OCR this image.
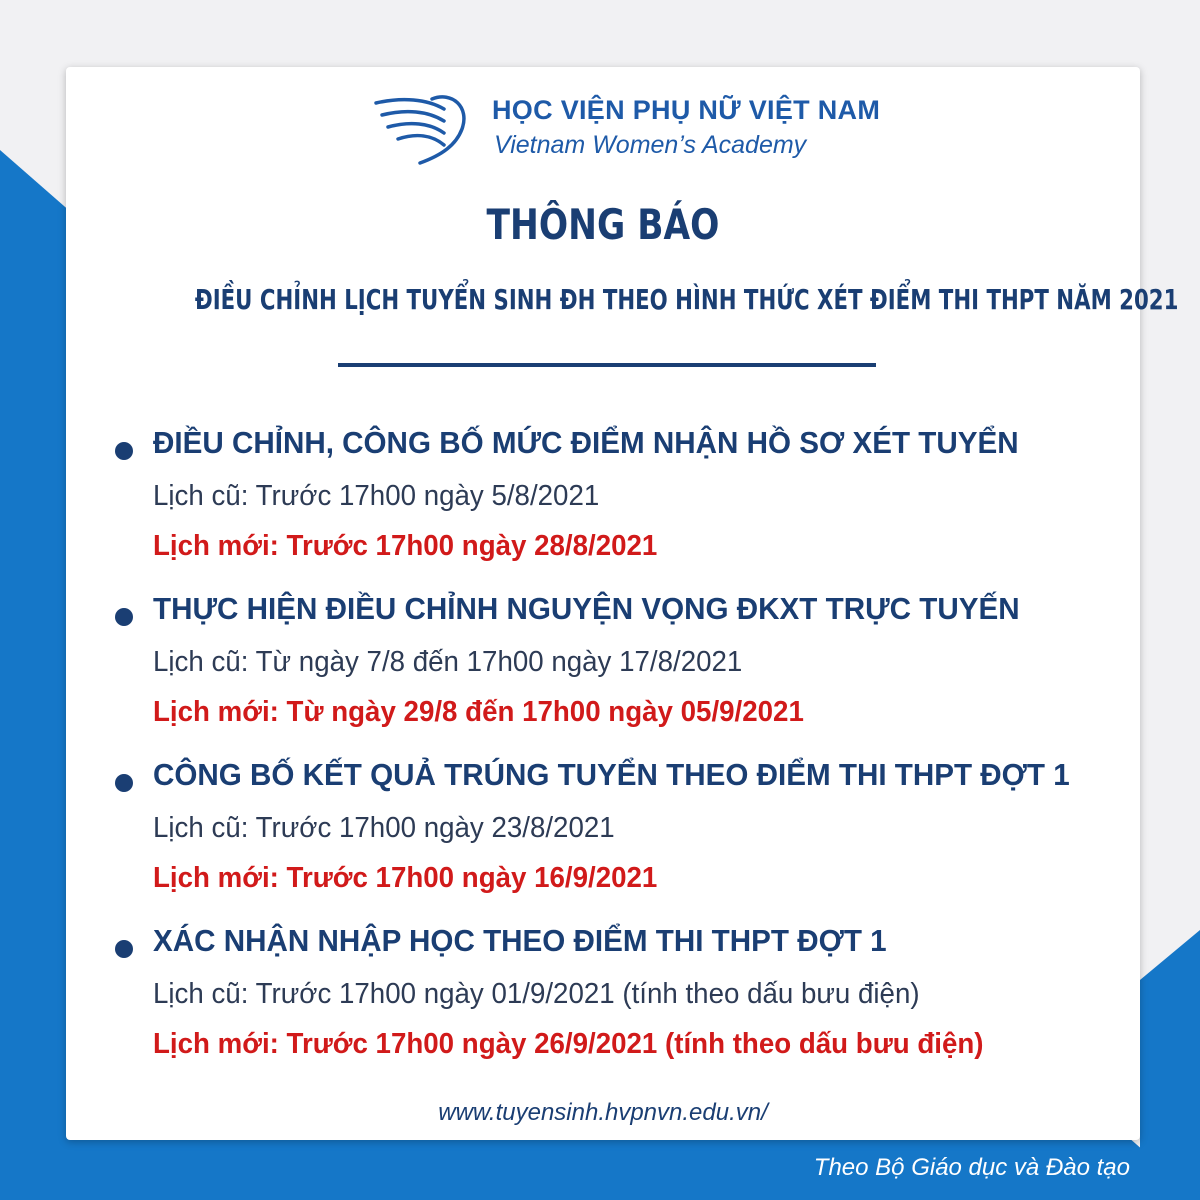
HỌC VIỆN PHỤ NỮ VIỆT NAM
Vietnam Women’s Academy
THÔNG BÁO
ĐIỀU CHỈNH LỊCH TUYỂN SINH ĐH THEO HÌNH THỨC XÉT ĐIỂM THI THPT NĂM 2021
ĐIỀU CHỈNH, CÔNG BỐ MỨC ĐIỂM NHẬN HỒ SƠ XÉT TUYỂN
Lịch cũ: Trước 17h00 ngày 5/8/2021
Lịch mới: Trước 17h00 ngày 28/8/2021
THỰC HIỆN ĐIỀU CHỈNH NGUYỆN VỌNG ĐKXT TRỰC TUYẾN
Lịch cũ: Từ ngày 7/8 đến 17h00 ngày 17/8/2021
Lịch mới: Từ ngày 29/8 đến 17h00 ngày 05/9/2021
CÔNG BỐ KẾT QUẢ TRÚNG TUYỂN THEO ĐIỂM THI THPT ĐỢT 1
Lịch cũ: Trước 17h00 ngày 23/8/2021
Lịch mới: Trước 17h00 ngày 16/9/2021
XÁC NHẬN NHẬP HỌC THEO ĐIỂM THI THPT ĐỢT 1
Lịch cũ: Trước 17h00 ngày 01/9/2021 (tính theo dấu bưu điện)
Lịch mới: Trước 17h00 ngày 26/9/2021 (tính theo dấu bưu điện)
www.tuyensinh.hvpnvn.edu.vn/
Theo Bộ Giáo dục và Đào tạo
